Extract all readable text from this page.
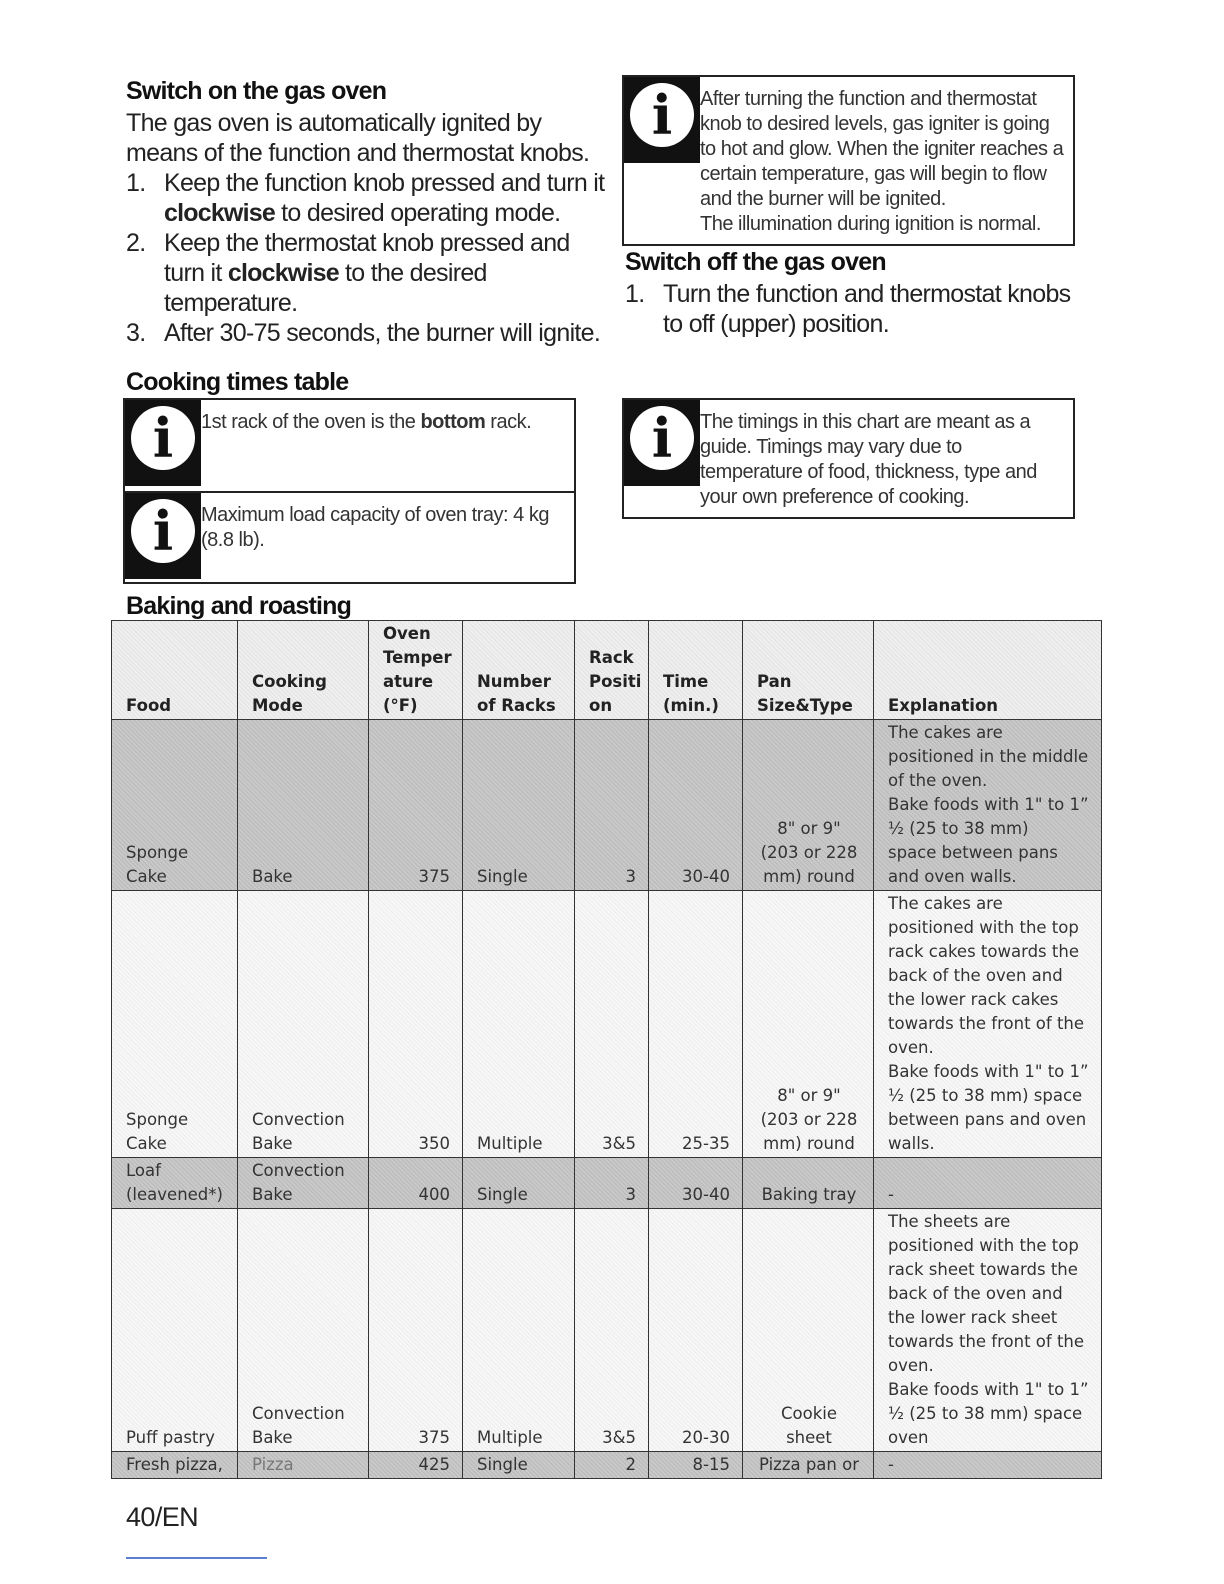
Switch on the gas oven

The gas oven is automatically ignited by means of the function and thermostat knobs.

1. Keep the function knob pressed and turn it clockwise to desired operating mode.
2. Keep the thermostat knob pressed and turn it clockwise to the desired temperature.
3. After 30-75 seconds, the burner will ignite.
i	After turning the function and thermostat knob to desired levels, gas igniter is going to hot and glow. When the igniter reaches a certain temperature, gas will begin to flow and the burner will be ignited.
The illumination during ignition is normal.
Switch off the gas oven
1. Turn the function and thermostat knobs to off (upper) position.
Cooking times table
i	1st rack of the oven is the bottom rack.
i	Maximum load capacity of oven tray: 4 kg (8.8 lb).
i	The timings in this chart are meant as a guide. Timings may vary due to temperature of food, thickness, type and your own preference of cooking.
Baking and roasting
Food	Cooking Mode	Oven Temper ature (°F)	Number of Racks	Rack Positi on	Time (min.)	Pan Size&Type	Explanation
Sponge Cake	Bake	375	Single	3	30-40	8" or 9" (203 or 228 mm) round	The cakes are positioned in the middle of the oven.
Bake foods with 1" to 1” ½ (25 to 38 mm)
space between pans and oven walls.
Sponge Cake	Convection Bake	350	Multiple	3&5	25-35	8" or 9" (203 or 228 mm) round	The cakes are positioned with the top rack cakes towards the back of the oven and the lower rack cakes towards the front of the oven.
Bake foods with 1" to 1” ½ (25 to 38 mm) space between pans and oven walls.
Loaf (leavened*)	Convection Bake	400	Single	3	30-40	Baking tray	-
Puff pastry	Convection Bake	375	Multiple	3&5	20-30	Cookie sheet	The sheets are positioned with the top rack sheet towards the back of the oven and the lower rack sheet towards the front of the oven.
Bake foods with 1" to 1” ½ (25 to 38 mm) space oven
Fresh pizza,	Pizza	425	Single	2	8-15	Pizza pan or	-
40/EN
